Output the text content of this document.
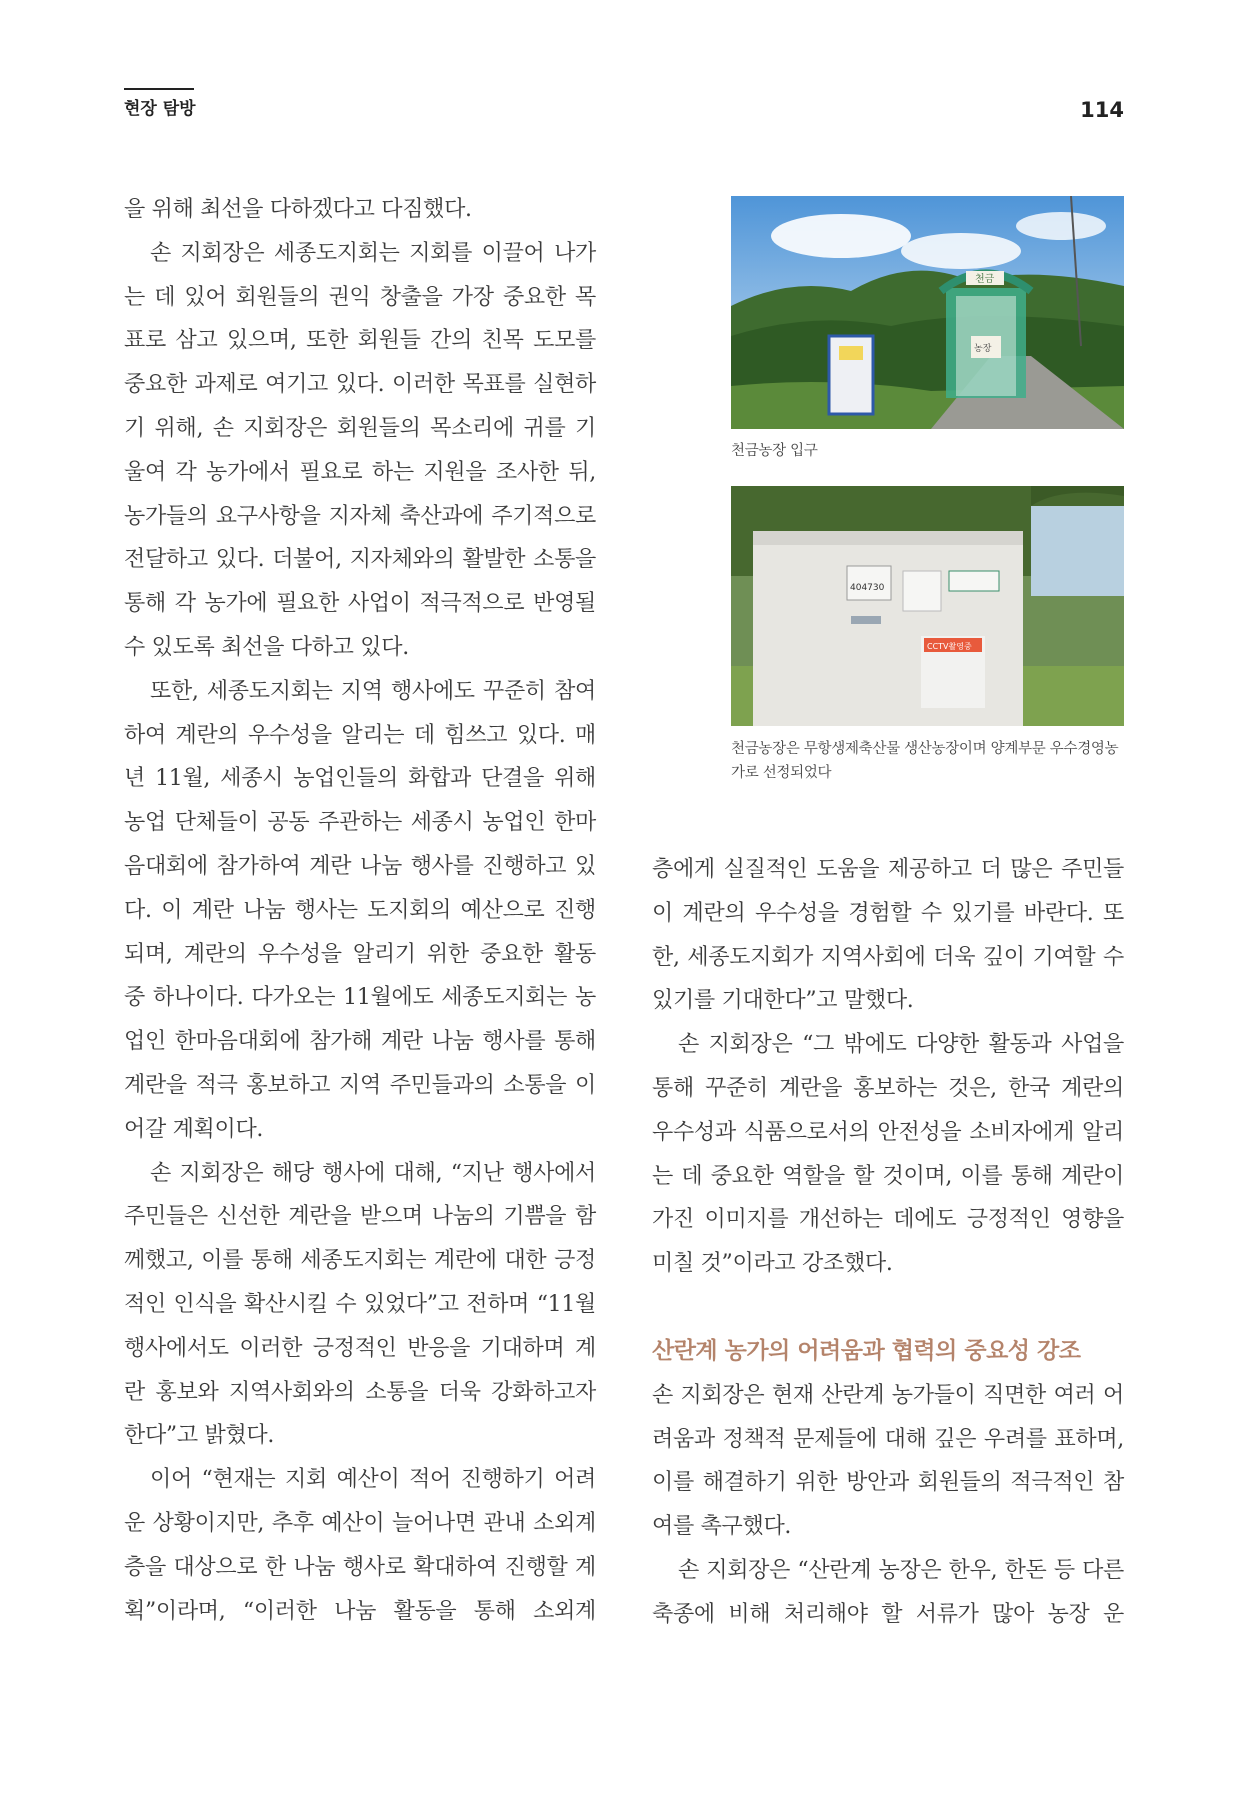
현장 탐방	114

을 위해 최선을 다하겠다고 다짐했다.

손 지회장은 세종도지회는 지회를 이끌어 나가는 데 있어 회원들의 권익 창출을 가장 중요한 목표로 삼고 있으며, 또한 회원들 간의 친목 도모를 중요한 과제로 여기고 있다. 이러한 목표를 실현하기 위해, 손 지회장은 회원들의 목소리에 귀를 기울여 각 농가에서 필요로 하는 지원을 조사한 뒤, 농가들의 요구사항을 지자체 축산과에 주기적으로 전달하고 있다. 더불어, 지자체와의 활발한 소통을 통해 각 농가에 필요한 사업이 적극적으로 반영될 수 있도록 최선을 다하고 있다.

또한, 세종도지회는 지역 행사에도 꾸준히 참여하여 계란의 우수성을 알리는 데 힘쓰고 있다. 매년 11월, 세종시 농업인들의 화합과 단결을 위해 농업 단체들이 공동 주관하는 세종시 농업인 한마음대회에 참가하여 계란 나눔 행사를 진행하고 있다. 이 계란 나눔 행사는 도지회의 예산으로 진행되며, 계란의 우수성을 알리기 위한 중요한 활동 중 하나이다. 다가오는 11월에도 세종도지회는 농업인 한마음대회에 참가해 계란 나눔 행사를 통해 계란을 적극 홍보하고 지역 주민들과의 소통을 이어갈 계획이다.

손 지회장은 해당 행사에 대해, “지난 행사에서 주민들은 신선한 계란을 받으며 나눔의 기쁨을 함께했고, 이를 통해 세종도지회는 계란에 대한 긍정적인 인식을 확산시킬 수 있었다”고 전하며 “11월 행사에서도 이러한 긍정적인 반응을 기대하며 계란 홍보와 지역사회와의 소통을 더욱 강화하고자 한다”고 밝혔다.

이어 “현재는 지회 예산이 적어 진행하기 어려운 상황이지만, 추후 예산이 늘어나면 관내 소외계층을 대상으로 한 나눔 행사로 확대하여 진행할 계획”이라며, “이러한 나눔 활동을 통해 소외계

천금
농장
천금농장 입구
404730
CCTV촬영중
천금농장은 무항생제축산물 생산농장이며 양계부문 우수경영농가로 선정되었다

층에게 실질적인 도움을 제공하고 더 많은 주민들이 계란의 우수성을 경험할 수 있기를 바란다. 또한, 세종도지회가 지역사회에 더욱 깊이 기여할 수 있기를 기대한다”고 말했다.

손 지회장은 “그 밖에도 다양한 활동과 사업을 통해 꾸준히 계란을 홍보하는 것은, 한국 계란의 우수성과 식품으로서의 안전성을 소비자에게 알리는 데 중요한 역할을 할 것이며, 이를 통해 계란이 가진 이미지를 개선하는 데에도 긍정적인 영향을 미칠 것”이라고 강조했다.

산란계 농가의 어려움과 협력의 중요성 강조

손 지회장은 현재 산란계 농가들이 직면한 여러 어려움과 정책적 문제들에 대해 깊은 우려를 표하며, 이를 해결하기 위한 방안과 회원들의 적극적인 참여를 촉구했다.

손 지회장은 “산란계 농장은 한우, 한돈 등 다른 축종에 비해 처리해야 할 서류가 많아 농장 운
